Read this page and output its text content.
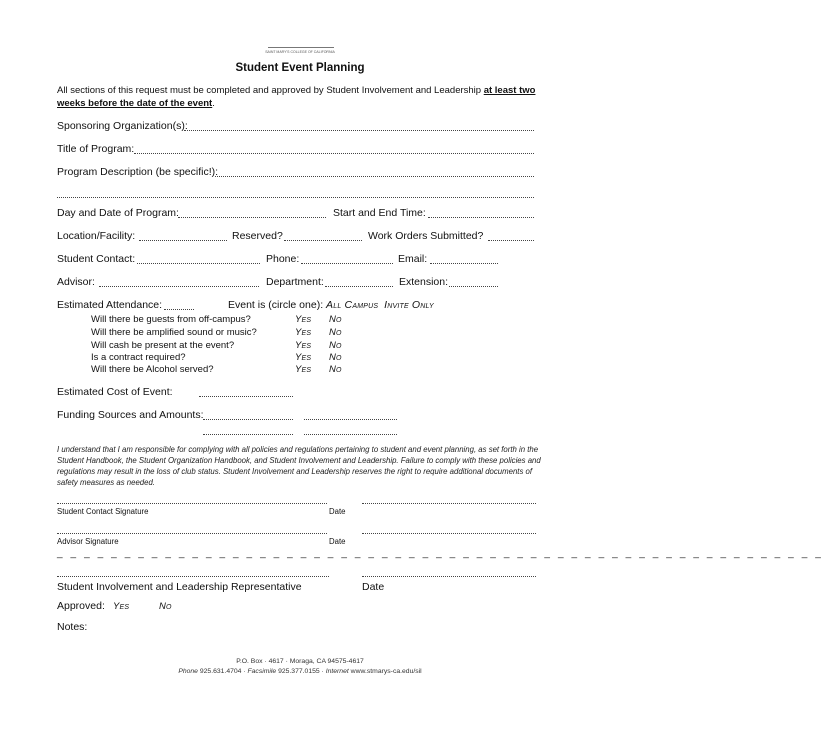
SAINT MARY'S COLLEGE OF CALIFORNIA
Student Event Planning
All sections of this request must be completed and approved by Student Involvement and Leadership at least two weeks before the date of the event.
Sponsoring Organization(s):
Title of Program:
Program Description (be specific!):
Day and Date of Program:	Start and End Time:
Location/Facility:	Reserved?	Work Orders Submitted?
Student Contact:	Phone:	Email:
Advisor:	Department:	Extension:
Estimated Attendance:	Event is (circle one): All Campus Invite Only
Will there be guests from off-campus?	Yes No
Will there be amplified sound or music?	Yes No
Will cash be present at the event?	Yes No
Is a contract required?	Yes No
Will there be Alcohol served?	Yes No
Estimated Cost of Event:
Funding Sources and Amounts:
I understand that I am responsible for complying with all policies and regulations pertaining to student and event planning, as set forth in the
Student Handbook, the Student Organization Handbook, and Student Involvement and Leadership. Failure to comply with these policies and
regulations may result in the loss of club status. Student Involvement and Leadership reserves the right to require additional documents of
safety measures as needed.
Student Contact Signature	Date
Advisor Signature	Date
_ _ _ _ _ _ _ _ _ _ _ _ _ _ _ _ _ _ _ _ _ _ _ _ _ _ _ _ _ _ _ _ _ _ _ _ _ _ _ _ _ _ _ _ _ _ _ _ _ _ _ _ _ _ _ _ _
Student Involvement and Leadership Representative	Date
Approved: Yes	No
Notes:
P.O. Box · 4617 · Moraga, CA 94575-4617
Phone 925.631.4704 · Facsimile 925.377.0155 · Internet www.stmarys-ca.edu/sil
